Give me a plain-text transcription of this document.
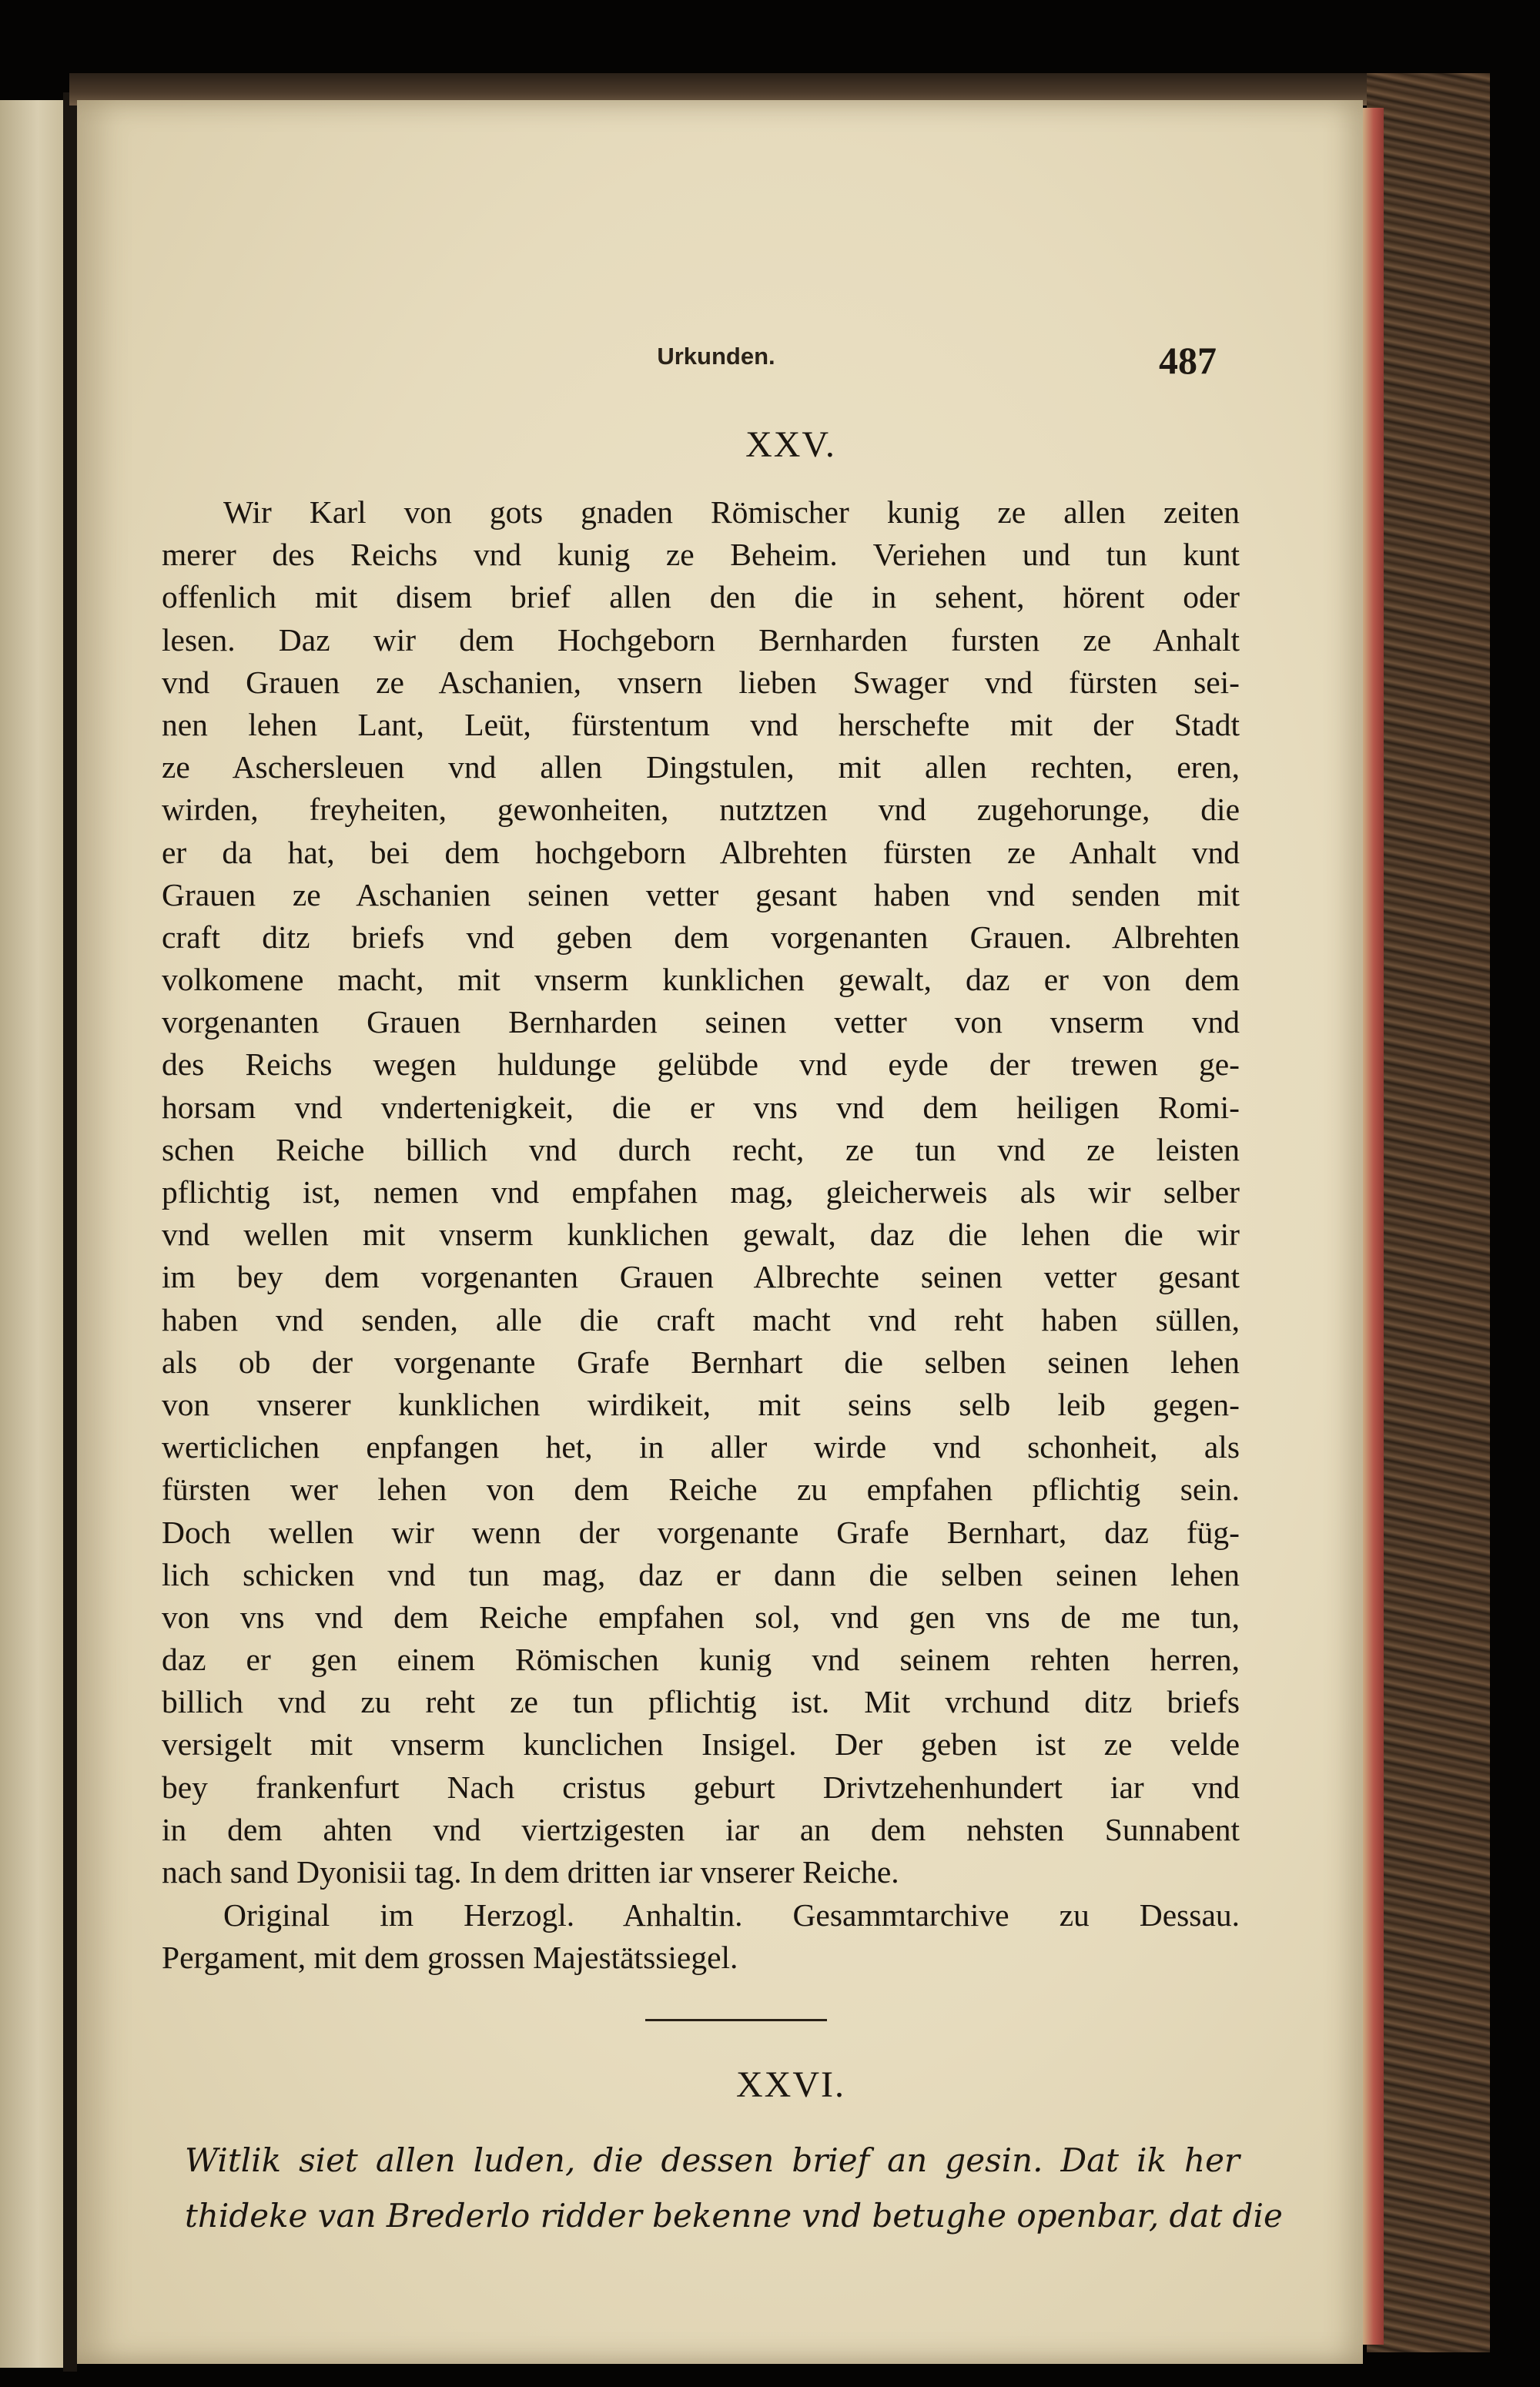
Urkunden.	487
XXV.
Wir Karl von gots gnaden Römischer kunig ze allen zeiten
merer des Reichs vnd kunig ze Beheim. Veriehen und tun kunt
offenlich mit disem brief allen den die in sehent, hörent oder
lesen. Daz wir dem Hochgeborn Bernharden fursten ze Anhalt
vnd Grauen ze Aschanien, vnsern lieben Swager vnd fürsten sei-
nen lehen Lant, Leüt, fürstentum vnd herschefte mit der Stadt
ze Aschersleuen vnd allen Dingstulen, mit allen rechten, eren,
wirden, freyheiten, gewonheiten, nutztzen vnd zugehorunge, die
er da hat, bei dem hochgeborn Albrehten fürsten ze Anhalt vnd
Grauen ze Aschanien seinen vetter gesant haben vnd senden mit
craft ditz briefs vnd geben dem vorgenanten Grauen. Albrehten
volkomene macht, mit vnserm kunklichen gewalt, daz er von dem
vorgenanten Grauen Bernharden seinen vetter von vnserm vnd
des Reichs wegen huldunge gelübde vnd eyde der trewen ge-
horsam vnd vndertenigkeit, die er vns vnd dem heiligen Romi-
schen Reiche billich vnd durch recht, ze tun vnd ze leisten
pflichtig ist, nemen vnd empfahen mag, gleicherweis als wir selber
vnd wellen mit vnserm kunklichen gewalt, daz die lehen die wir
im bey dem vorgenanten Grauen Albrechte seinen vetter gesant
haben vnd senden, alle die craft macht vnd reht haben süllen,
als ob der vorgenante Grafe Bernhart die selben seinen lehen
von vnserer kunklichen wirdikeit, mit seins selb leib gegen-
werticlichen enpfangen het, in aller wirde vnd schonheit, als
fürsten wer lehen von dem Reiche zu empfahen pflichtig sein.
Doch wellen wir wenn der vorgenante Grafe Bernhart, daz füg-
lich schicken vnd tun mag, daz er dann die selben seinen lehen
von vns vnd dem Reiche empfahen sol, vnd gen vns de me tun,
daz er gen einem Römischen kunig vnd seinem rehten herren,
billich vnd zu reht ze tun pflichtig ist. Mit vrchund ditz briefs
versigelt mit vnserm kunclichen Insigel. Der geben ist ze velde
bey frankenfurt Nach cristus geburt Drivtzehenhundert iar vnd
in dem ahten vnd viertzigesten iar an dem nehsten Sunnabent
nach sand Dyonisii tag. In dem dritten iar vnserer Reiche.
Original im Herzogl. Anhaltin. Gesammtarchive zu Dessau.
Pergament, mit dem grossen Majestätssiegel.
XXVI.
Witlik siet allen luden, die dessen brief an gesin. Dat ik her
thideke van Brederlo ridder bekenne vnd betughe openbar, dat die
